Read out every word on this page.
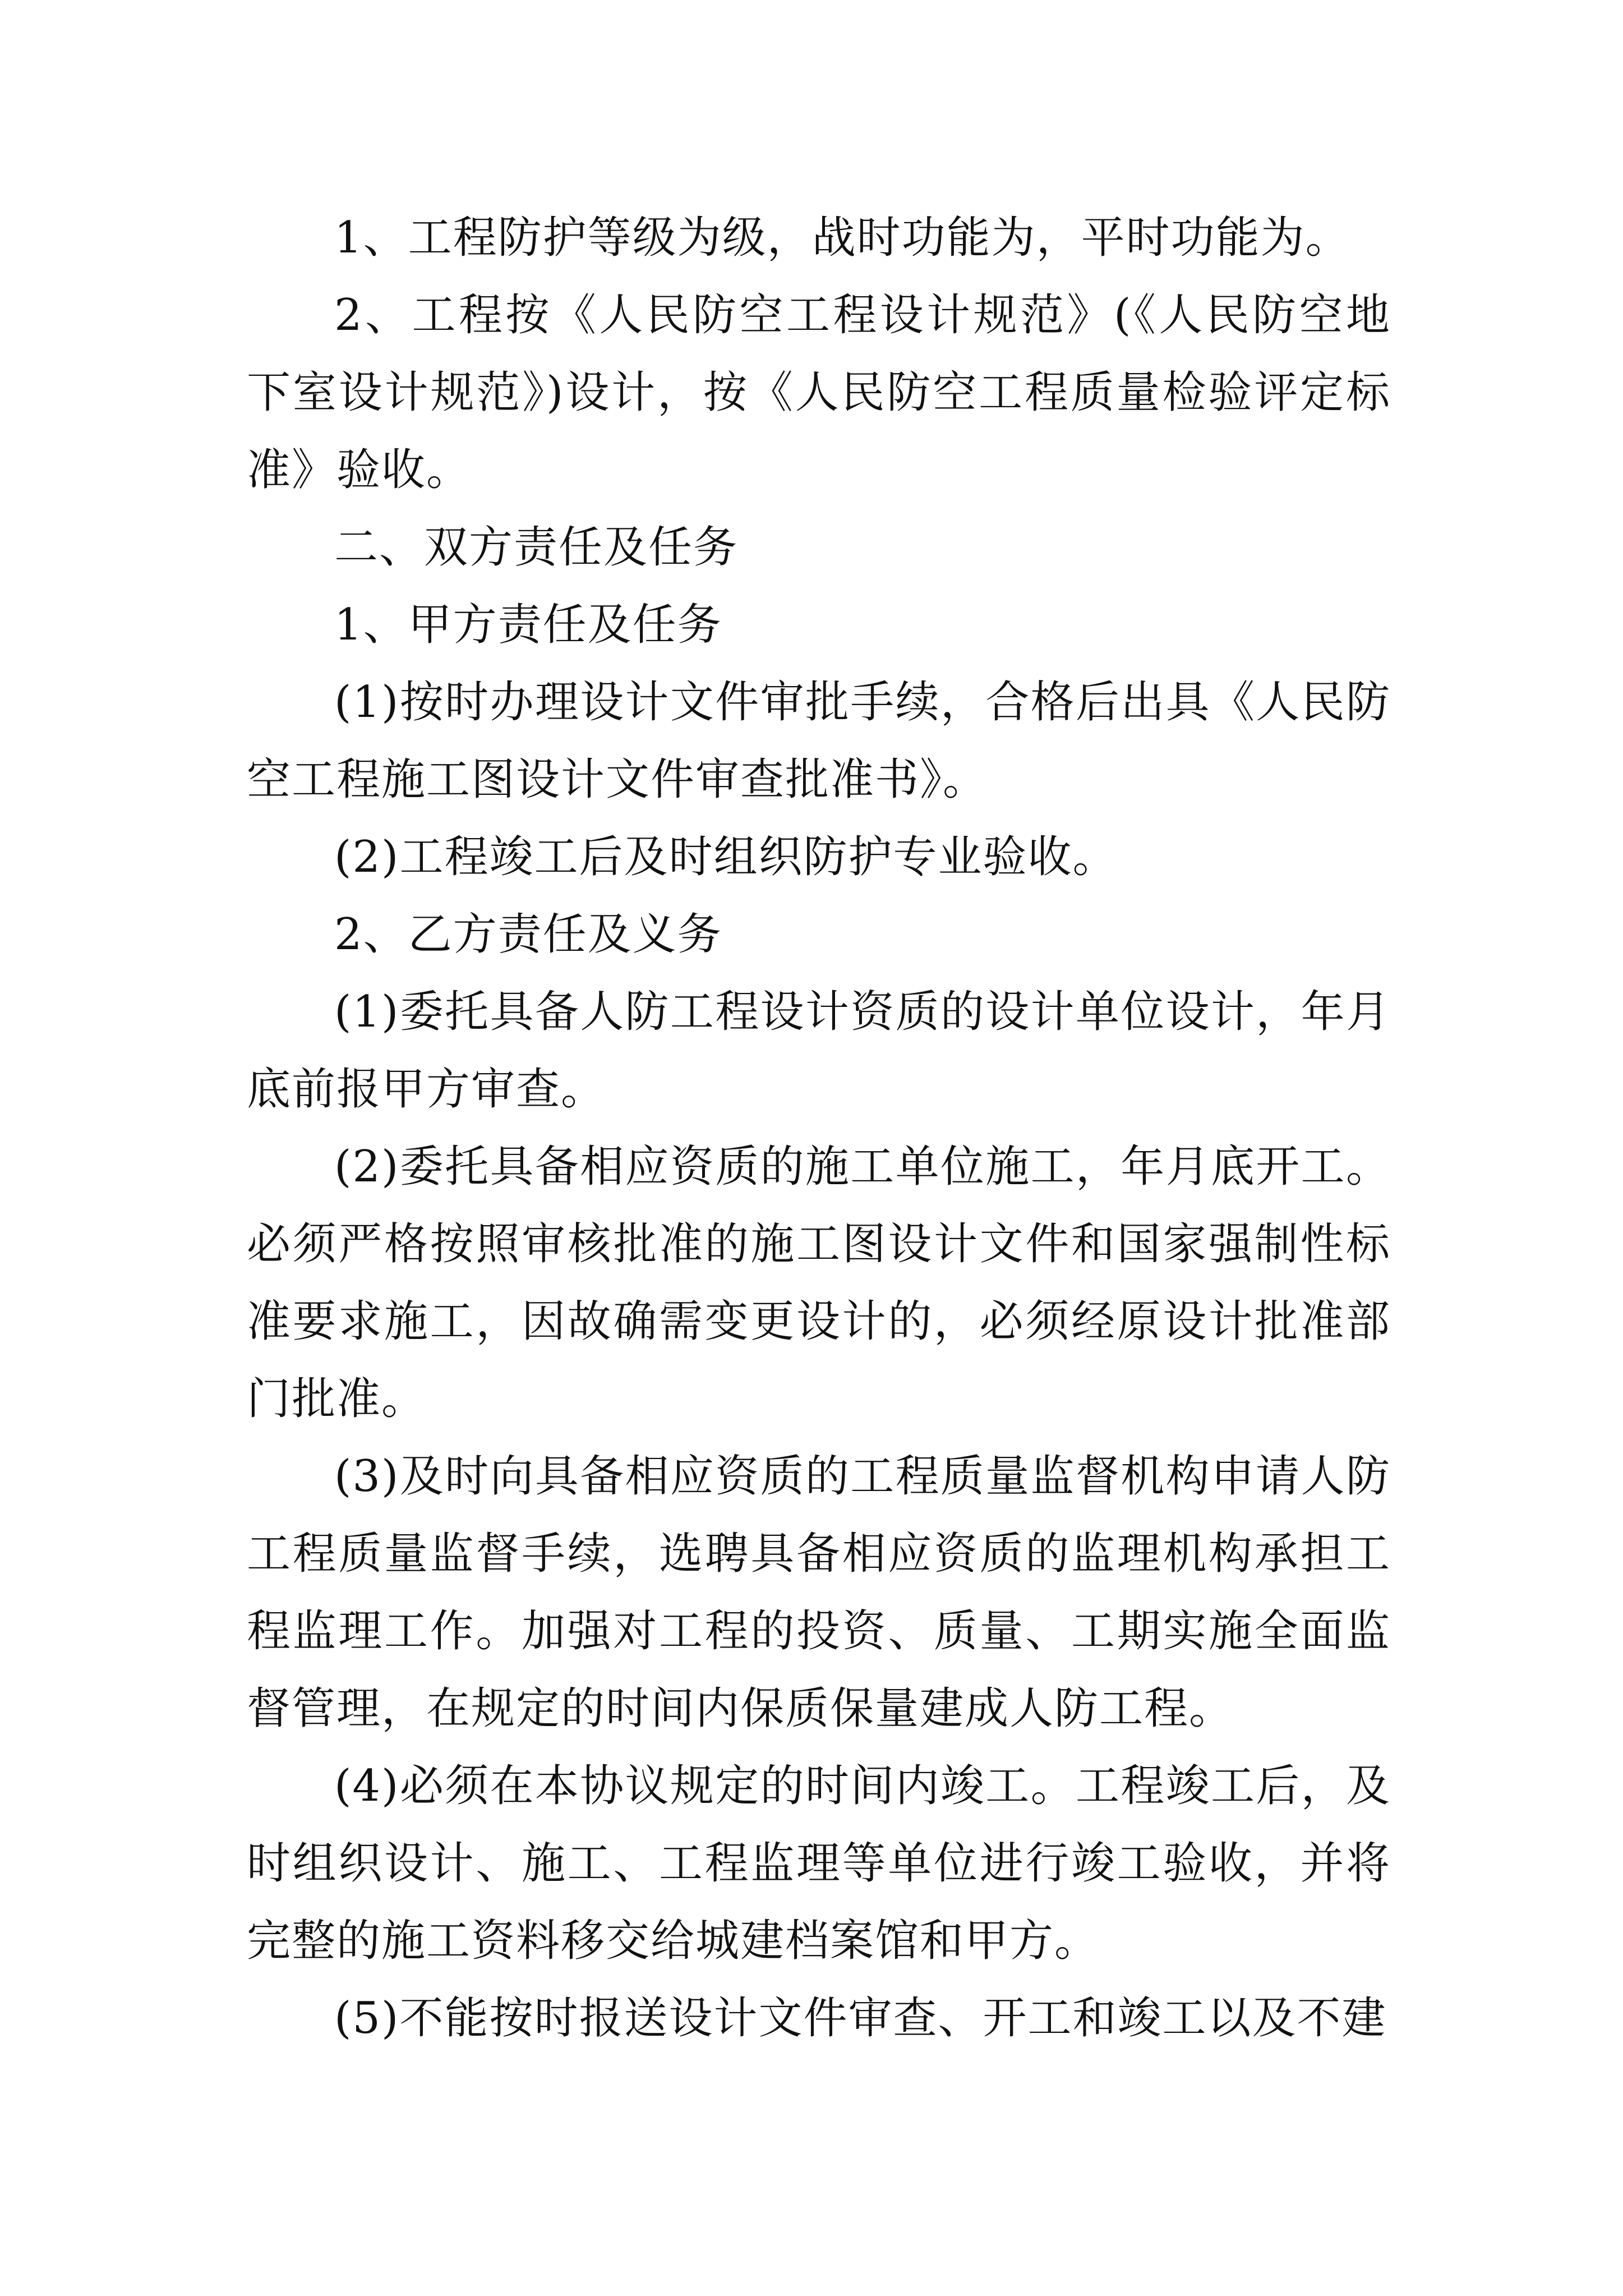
1、工程防护等级为级，战时功能为，平时功能为。

2、工程按《人民防空工程设计规范》(《人民防空地下室设计规范》)设计，按《人民防空工程质量检验评定标准》验收。

二、双方责任及任务

1、甲方责任及任务

(1)按时办理设计文件审批手续，合格后出具《人民防空工程施工图设计文件审查批准书》。

(2)工程竣工后及时组织防护专业验收。

2、乙方责任及义务

(1)委托具备人防工程设计资质的设计单位设计，年月底前报甲方审查。

(2)委托具备相应资质的施工单位施工，年月底开工。必须严格按照审核批准的施工图设计文件和国家强制性标准要求施工，因故确需变更设计的，必须经原设计批准部门批准。

(3)及时向具备相应资质的工程质量监督机构申请人防工程质量监督手续，选聘具备相应资质的监理机构承担工程监理工作。加强对工程的投资、质量、工期实施全面监督管理，在规定的时间内保质保量建成人防工程。

(4)必须在本协议规定的时间内竣工。工程竣工后，及时组织设计、施工、工程监理等单位进行竣工验收，并将完整的施工资料移交给城建档案馆和甲方。

(5)不能按时报送设计文件审查、开工和竣工以及不建
